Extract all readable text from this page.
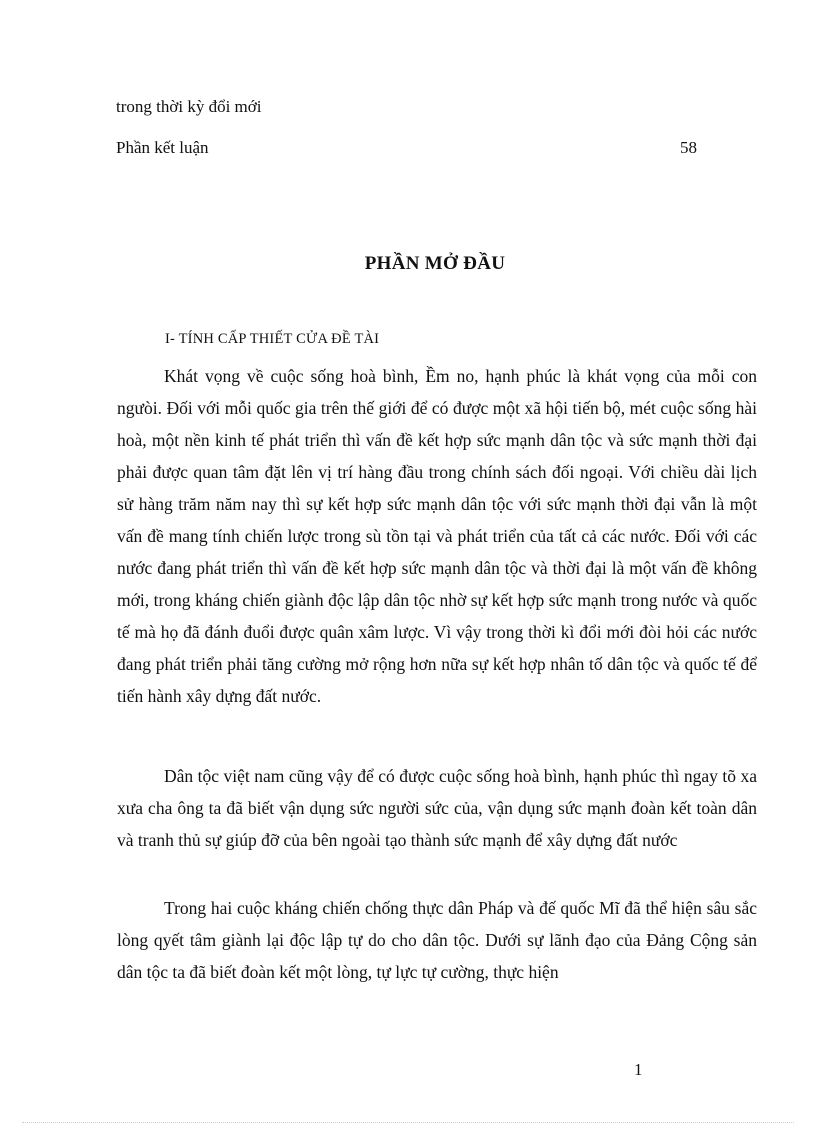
trong thời kỳ đổi mới
Phần kết luận	58
PHẦN MỞ ĐẦU
I- TÍNH CẤP THIẾT CỬA ĐỀ TÀI

Khát vọng về cuộc sống hoà bình, Ềm no, hạnh phúc là khát vọng của mỗi con ngưòi. Đối với mỗi quốc gia trên thế giới để có được một xã hội tiến bộ, mét cuộc sống hài hoà, một nền kinh tế phát triển thì vấn đề kết hợp sức mạnh dân tộc và sức mạnh thời đại phải được quan tâm đặt lên vị trí hàng đầu trong chính sách đối ngoại. Với chiều dài lịch sử hàng trăm năm nay thì sự kết hợp sức mạnh dân tộc với sức mạnh thời đại vẫn là một vấn đề mang tính chiến lược trong sù tồn tại và phát triển của tất cả các nước. Đối với các nước đang phát triển thì vấn đề kết hợp sức mạnh dân tộc và thời đại là một vấn đề không mới, trong kháng chiến giành độc lập dân tộc nhờ sự kết hợp sức mạnh trong nước và quốc tế mà họ đã đánh đuổi được quân xâm lược. Vì vậy trong thời kì đổi mới đòi hỏi các nước đang phát triển phải tăng cường mở rộng hơn nữa sự kết hợp nhân tố dân tộc và quốc tế để tiến hành xây dựng đất nước.

Dân tộc việt nam cũng vậy để có được cuộc sống hoà bình, hạnh phúc thì ngay tõ xa xưa cha ông ta đã biết vận dụng sức người sức của, vận dụng sức mạnh đoàn kết toàn dân và tranh thủ sự giúp đỡ của bên ngoài tạo thành sức mạnh để xây dựng đất nước

Trong hai cuộc kháng chiến chống thực dân Pháp và đế quốc Mĩ đã thể hiện sâu sắc lòng qyết tâm giành lại độc lập tự do cho dân tộc. Dưới sự lãnh đạo của Đảng Cộng sản dân tộc ta đã biết đoàn kết một lòng, tự lực tự cường, thực hiện

1
